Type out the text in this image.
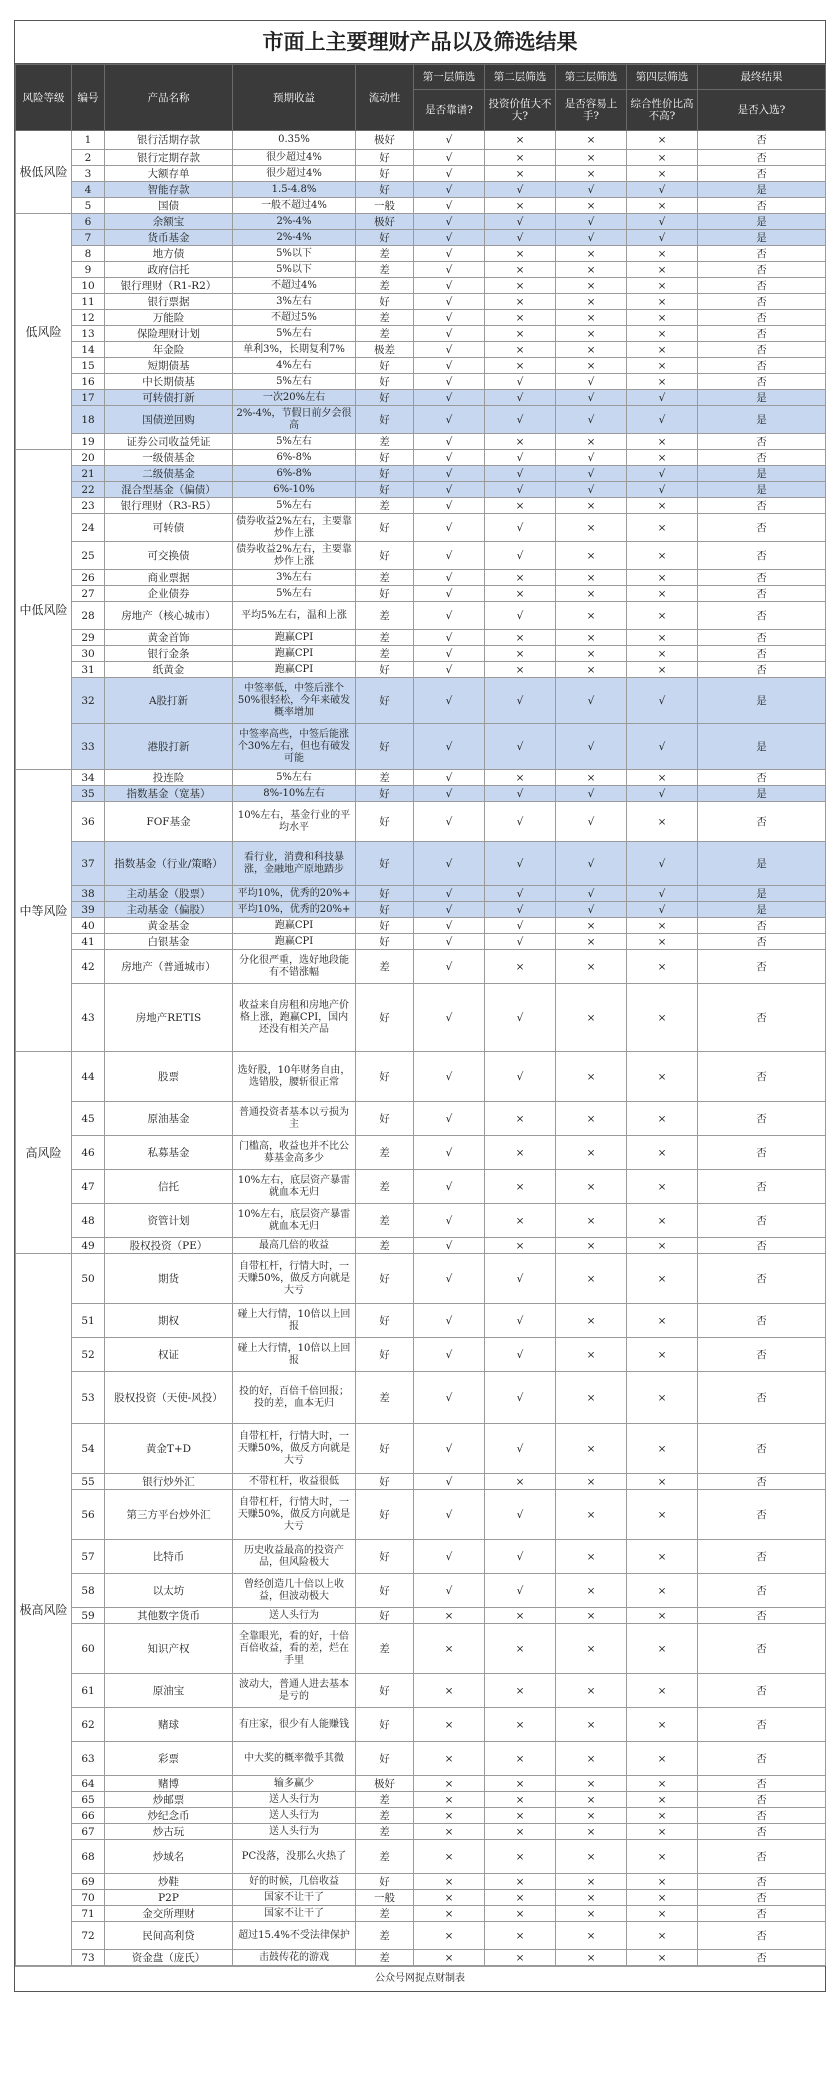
市面上主要理财产品以及筛选结果
风险等级	编号	产品名称	预期收益	流动性	第一层筛选	第二层筛选	第三层筛选	第四层筛选	最终结果
					是否靠谱?	投资价值大不大?	是否容易上手?	综合性价比高不高?	是否入选?
极低风险	1	银行活期存款	0.35%	极好	√	×	×	×	否
	2	银行定期存款	很少超过4%	好	√	×	×	×	否
	3	大额存单	很少超过4%	好	√	×	×	×	否
	4	智能存款	1.5-4.8%	好	√	√	√	√	是
	5	国债	一般不超过4%	一般	√	×	×	×	否
低风险	6	余额宝	2%-4%	极好	√	√	√	√	是
	7	货币基金	2%-4%	好	√	√	√	√	是
	8	地方债	5%以下	差	√	×	×	×	否
	9	政府信托	5%以下	差	√	×	×	×	否
	10	银行理财（R1-R2）	不超过4%	差	√	×	×	×	否
	11	银行票据	3%左右	好	√	×	×	×	否
	12	万能险	不超过5%	差	√	×	×	×	否
	13	保险理财计划	5%左右	差	√	×	×	×	否
	14	年金险	单利3%，长期复利7%	极差	√	×	×	×	否
	15	短期债基	4%左右	好	√	×	×	×	否
	16	中长期债基	5%左右	好	√	√	√	×	否
	17	可转债打新	一次20%左右	好	√	√	√	√	是
	18	国债逆回购	2%-4%，节假日前夕会很高	好	√	√	√	√	是
	19	证券公司收益凭证	5%左右	差	√	×	×	×	否
中低风险	20	一级债基金	6%-8%	好	√	√	√	×	否
	21	二级债基金	6%-8%	好	√	√	√	√	是
	22	混合型基金（偏债）	6%-10%	好	√	√	√	√	是
	23	银行理财（R3-R5）	5%左右	差	√	×	×	×	否
	24	可转债	债券收益2%左右，主要靠炒作上涨	好	√	√	×	×	否
	25	可交换债	债券收益2%左右，主要靠炒作上涨	好	√	√	×	×	否
	26	商业票据	3%左右	差	√	×	×	×	否
	27	企业债券	5%左右	好	√	×	×	×	否
	28	房地产（核心城市）	平均5%左右，温和上涨	差	√	√	×	×	否
	29	黄金首饰	跑赢CPI	差	√	×	×	×	否
	30	银行金条	跑赢CPI	差	√	×	×	×	否
	31	纸黄金	跑赢CPI	好	√	×	×	×	否
	32	A股打新	中签率低，中签后涨个50%很轻松，今年来破发概率增加	好	√	√	√	√	是
	33	港股打新	中签率高些，中签后能涨个30%左右，但也有破发可能	好	√	√	√	√	是
中等风险	34	投连险	5%左右	差	√	×	×	×	否
	35	指数基金（宽基）	8%-10%左右	好	√	√	√	√	是
	36	FOF基金	10%左右，基金行业的平均水平	好	√	√	√	×	否
	37	指数基金（行业/策略）	看行业，消费和科技暴涨，金融地产原地踏步	好	√	√	√	√	是
	38	主动基金（股票）	平均10%，优秀的20%+	好	√	√	√	√	是
	39	主动基金（偏股）	平均10%，优秀的20%+	好	√	√	√	√	是
	40	黄金基金	跑赢CPI	好	√	√	×	×	否
	41	白银基金	跑赢CPI	好	√	√	×	×	否
	42	房地产（普通城市）	分化很严重，选好地段能有不错涨幅	差	√	×	×	×	否
	43	房地产RETIS	收益来自房租和房地产价格上涨，跑赢CPI，国内还没有相关产品	好	√	√	×	×	否
高风险	44	股票	选好股，10年财务自由，选错股，腰斩很正常	好	√	√	×	×	否
	45	原油基金	普通投资者基本以亏损为主	好	√	×	×	×	否
	46	私募基金	门槛高，收益也并不比公募基金高多少	差	√	×	×	×	否
	47	信托	10%左右，底层资产暴雷就血本无归	差	√	×	×	×	否
	48	资管计划	10%左右，底层资产暴雷就血本无归	差	√	×	×	×	否
	49	股权投资（PE）	最高几倍的收益	差	√	×	×	×	否
极高风险	50	期货	自带杠杆，行情大时，一天赚50%，做反方向就是大亏	好	√	√	×	×	否
	51	期权	碰上大行情，10倍以上回报	好	√	√	×	×	否
	52	权证	碰上大行情，10倍以上回报	好	√	√	×	×	否
	53	股权投资（天使-风投）	投的好，百倍千倍回报；投的差，血本无归	差	√	√	×	×	否
	54	黄金T+D	自带杠杆，行情大时，一天赚50%，做反方向就是大亏	好	√	√	×	×	否
	55	银行炒外汇	不带杠杆，收益很低	好	√	×	×	×	否
	56	第三方平台炒外汇	自带杠杆，行情大时，一天赚50%，做反方向就是大亏	好	√	√	×	×	否
	57	比特币	历史收益最高的投资产品，但风险极大	好	√	√	×	×	否
	58	以太坊	曾经创造几十倍以上收益，但波动极大	好	√	√	×	×	否
	59	其他数字货币	送人头行为	好	×	×	×	×	否
	60	知识产权	全靠眼光，看的好，十倍百倍收益，看的差，烂在手里	差	×	×	×	×	否
	61	原油宝	波动大，普通人进去基本是亏的	好	×	×	×	×	否
	62	赌球	有庄家，很少有人能赚钱	好	×	×	×	×	否
	63	彩票	中大奖的概率微乎其微	好	×	×	×	×	否
	64	赌博	输多赢少	极好	×	×	×	×	否
	65	炒邮票	送人头行为	差	×	×	×	×	否
	66	炒纪念币	送人头行为	差	×	×	×	×	否
	67	炒古玩	送人头行为	差	×	×	×	×	否
	68	炒域名	PC没落，没那么火热了	差	×	×	×	×	否
	69	炒鞋	好的时候，几倍收益	好	×	×	×	×	否
	70	P2P	国家不让干了	一般	×	×	×	×	否
	71	金交所理财	国家不让干了	差	×	×	×	×	否
	72	民间高利贷	超过15.4%不受法律保护	差	×	×	×	×	否
	73	资金盘（庞氏）	击鼓传花的游戏	差	×	×	×	×	否
公众号网捉点财制表
